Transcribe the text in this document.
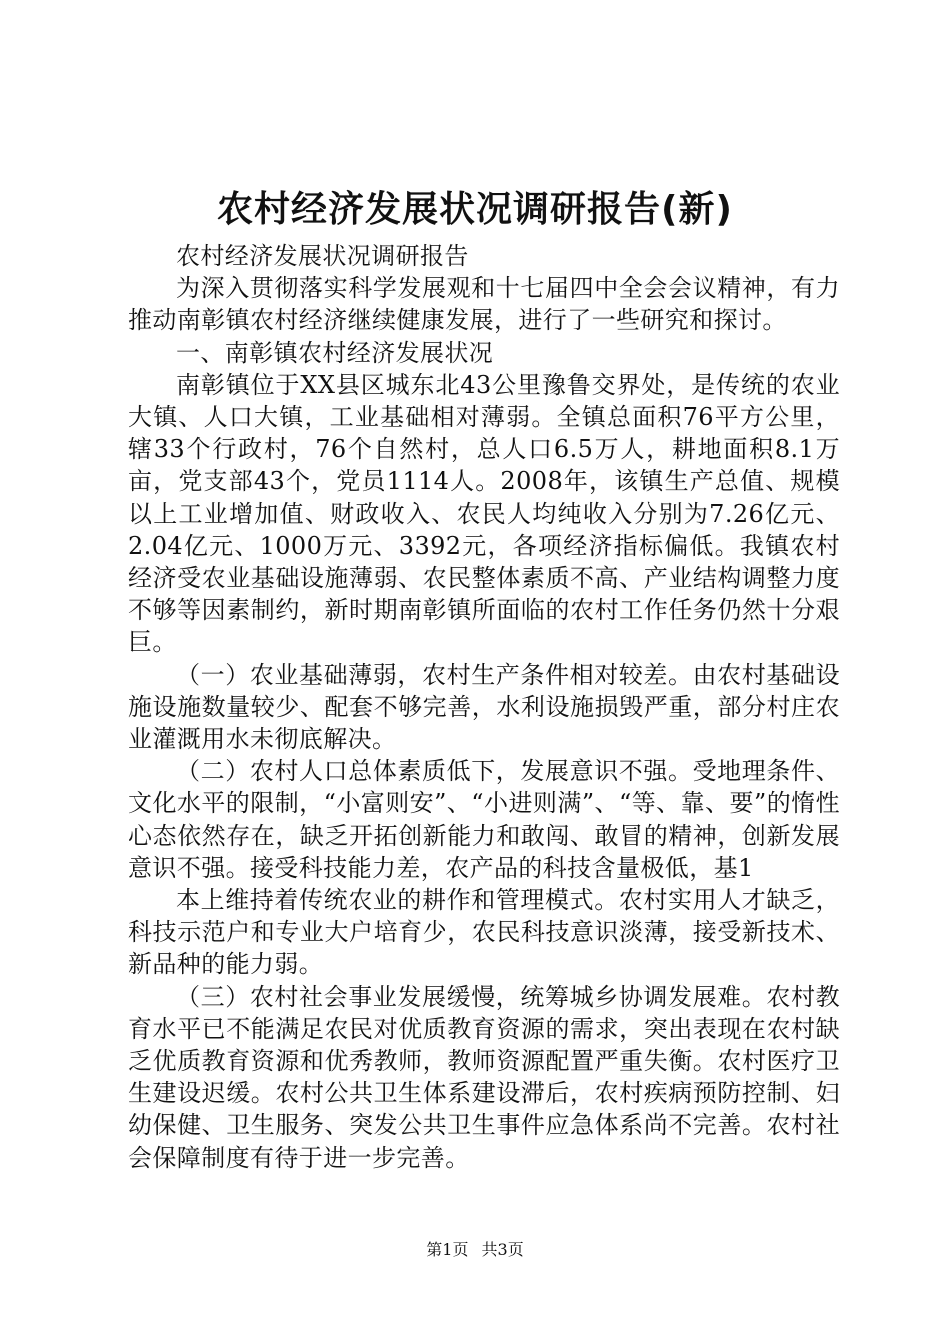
农村经济发展状况调研报告(新)

农村经济发展状况调研报告

为深入贯彻落实科学发展观和十七届四中全会会议精神，有力推动南彰镇农村经济继续健康发展，进行了一些研究和探讨。

一、南彰镇农村经济发展状况

南彰镇位于XX县区城东北43公里豫鲁交界处，是传统的农业大镇、人口大镇，工业基础相对薄弱。全镇总面积76平方公里，辖33个行政村，76个自然村，总人口6.5万人，耕地面积8.1万亩，党支部43个，党员1114人。2008年，该镇生产总值、规模以上工业增加值、财政收入、农民人均纯收入分别为7.26亿元、2.04亿元、1000万元、3392元，各项经济指标偏低。我镇农村经济受农业基础设施薄弱、农民整体素质不高、产业结构调整力度不够等因素制约，新时期南彰镇所面临的农村工作任务仍然十分艰巨。

（一）农业基础薄弱，农村生产条件相对较差。由农村基础设施设施数量较少、配套不够完善，水利设施损毁严重，部分村庄农业灌溉用水未彻底解决。

（二）农村人口总体素质低下，发展意识不强。受地理条件、文化水平的限制，“小富则安”、“小进则满”、“等、靠、要”的惰性心态依然存在，缺乏开拓创新能力和敢闯、敢冒的精神，创新发展意识不强。接受科技能力差，农产品的科技含量极低，基1

本上维持着传统农业的耕作和管理模式。农村实用人才缺乏，科技示范户和专业大户培育少，农民科技意识淡薄，接受新技术、新品种的能力弱。

（三）农村社会事业发展缓慢，统筹城乡协调发展难。农村教育水平已不能满足农民对优质教育资源的需求，突出表现在农村缺乏优质教育资源和优秀教师，教师资源配置严重失衡。农村医疗卫生建设迟缓。农村公共卫生体系建设滞后，农村疾病预防控制、妇幼保健、卫生服务、突发公共卫生事件应急体系尚不完善。农村社会保障制度有待于进一步完善。

第1页 共3页
